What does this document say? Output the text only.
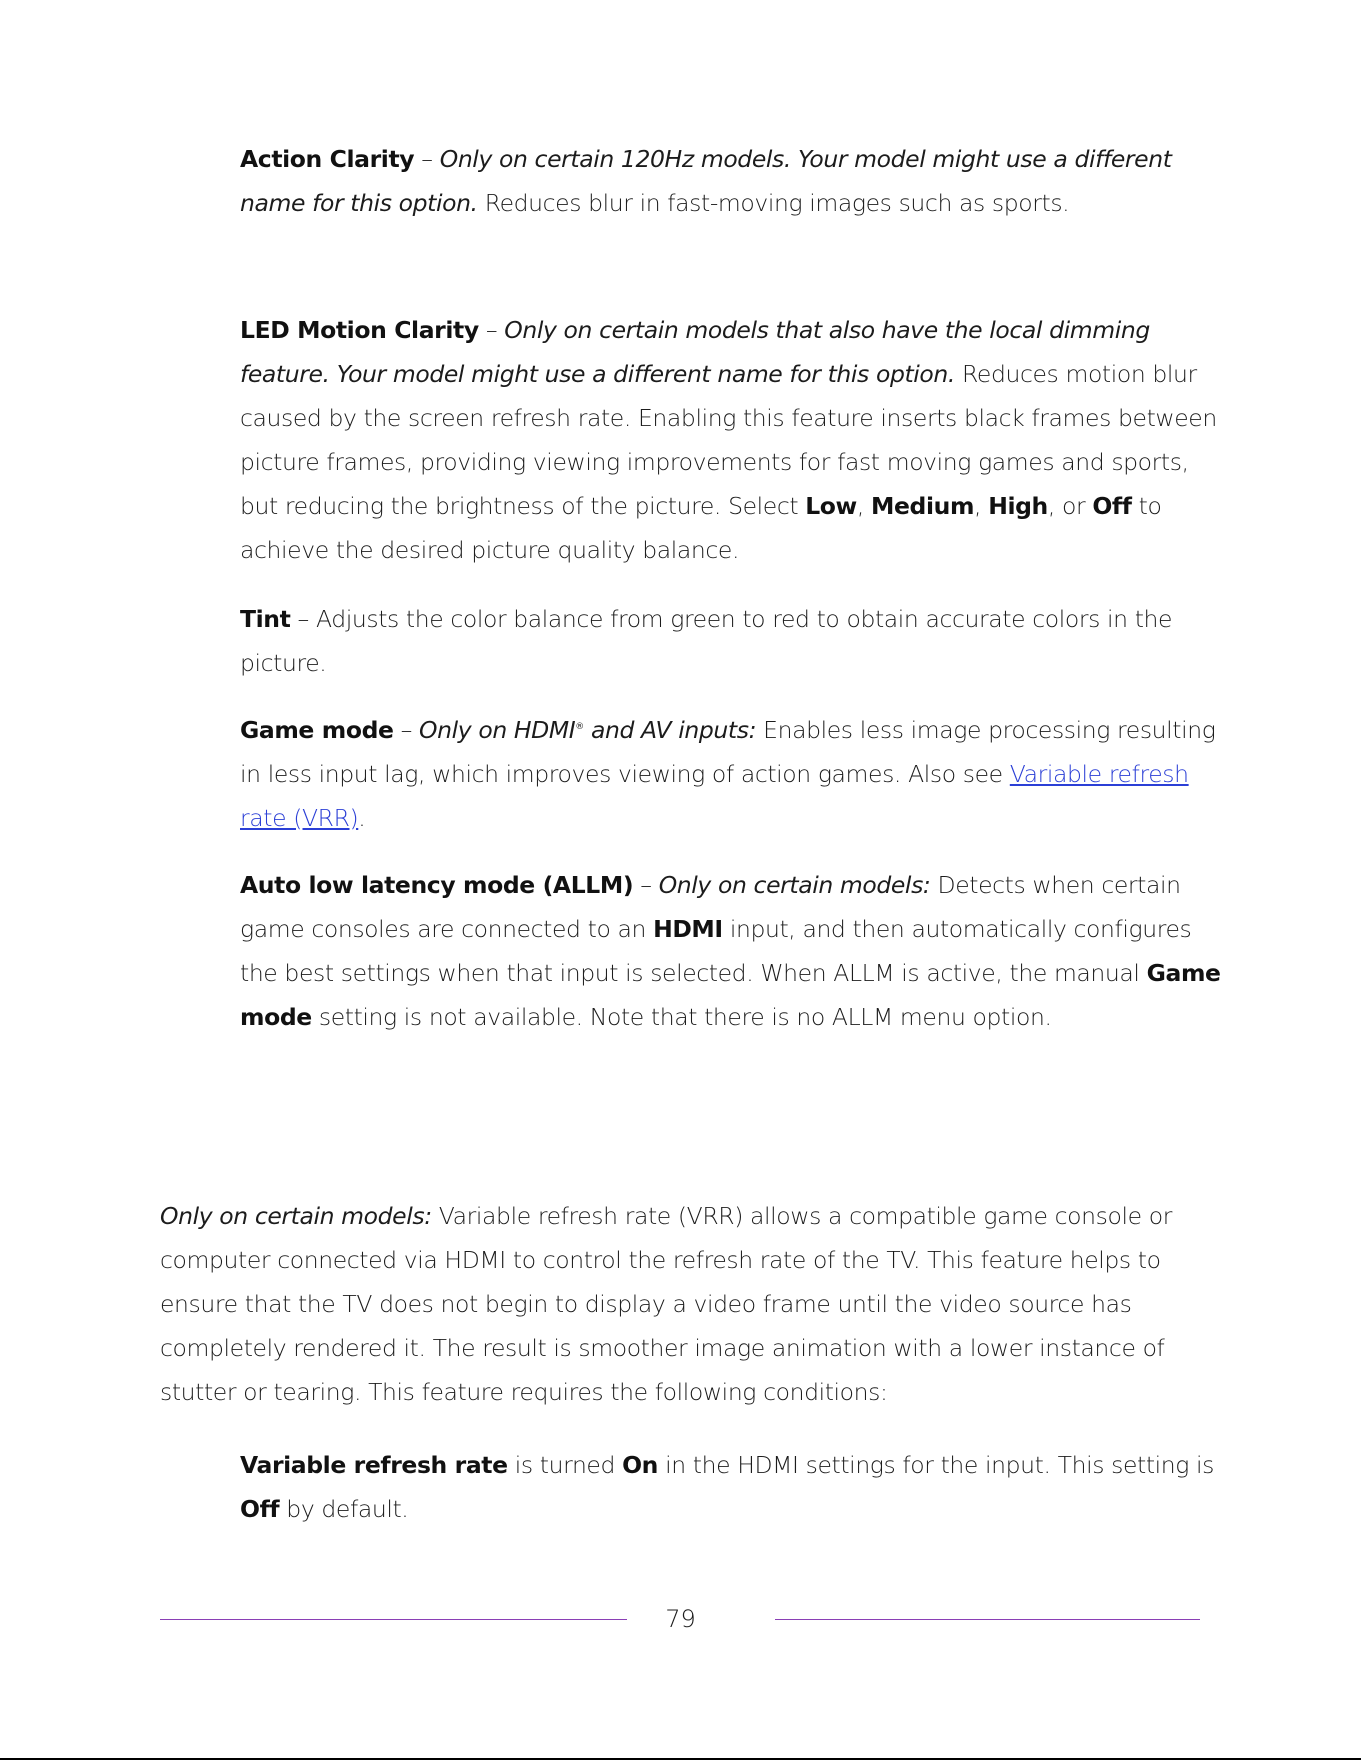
Action Clarity – Only on certain 120Hz models. Your model might use a different name for this option. Reduces blur in fast-moving images such as sports.

LED Motion Clarity – Only on certain models that also have the local dimming feature. Your model might use a different name for this option. Reduces motion blur caused by the screen refresh rate. Enabling this feature inserts black frames between picture frames, providing viewing improvements for fast moving games and sports, but reducing the brightness of the picture. Select Low, Medium, High, or Off to achieve the desired picture quality balance.

Tint – Adjusts the color balance from green to red to obtain accurate colors in the picture.

Game mode – Only on HDMI® and AV inputs: Enables less image processing resulting in less input lag, which improves viewing of action games. Also see Variable refresh rate (VRR).

Auto low latency mode (ALLM) – Only on certain models: Detects when certain game consoles are connected to an HDMI input, and then automatically configures the best settings when that input is selected. When ALLM is active, the manual Game mode setting is not available. Note that there is no ALLM menu option.

Only on certain models: Variable refresh rate (VRR) allows a compatible game console or computer connected via HDMI to control the refresh rate of the TV. This feature helps to ensure that the TV does not begin to display a video frame until the video source has completely rendered it. The result is smoother image animation with a lower instance of stutter or tearing. This feature requires the following conditions:

Variable refresh rate is turned On in the HDMI settings for the input. This setting is Off by default.

79
